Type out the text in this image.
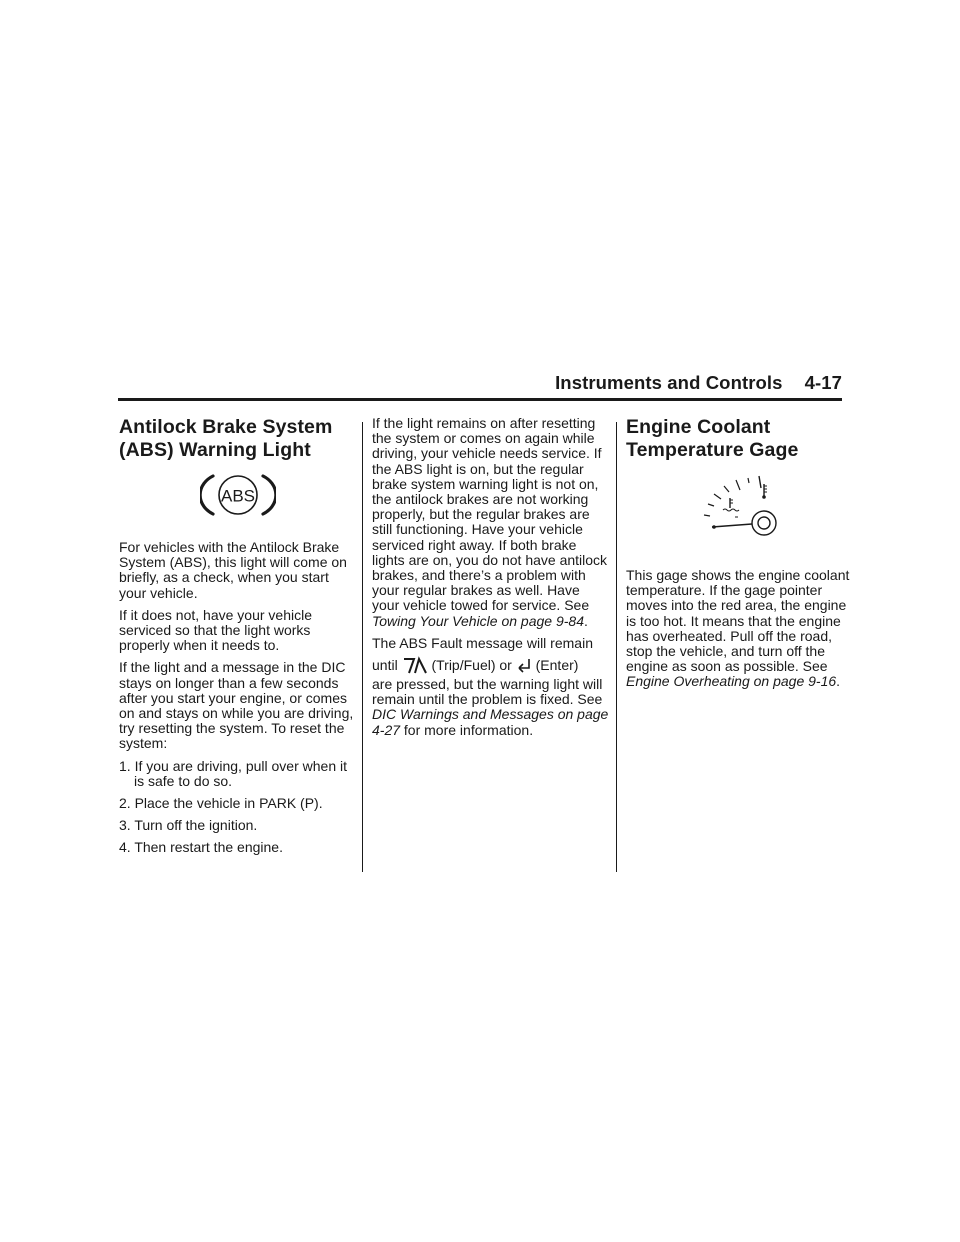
Instruments and Controls 4-17
Antilock Brake System
(ABS) Warning Light
ABS

For vehicles with the Antilock Brake System (ABS), this light will come on briefly, as a check, when you start your vehicle.

If it does not, have your vehicle serviced so that the light works properly when it needs to.

If the light and a message in the DIC stays on longer than a few seconds after you start your engine, or comes on and stays on while you are driving, try resetting the system. To reset the system:

1. If you are driving, pull over when it is safe to do so.
2. Place the vehicle in PARK (P).
3. Turn off the ignition.
4. Then restart the engine.

If the light remains on after resetting the system or comes on again while driving, your vehicle needs service. If the ABS light is on, but the regular brake system warning light is not on, the antilock brakes are not working properly, but the regular brakes are still functioning. Have your vehicle serviced right away. If both brake lights are on, you do not have antilock brakes, and there’s a problem with your regular brakes as well. Have your vehicle towed for service. See Towing Your Vehicle on page 9-84.

The ABS Fault message will remain

until (Trip/Fuel) or (Enter)

are pressed, but the warning light will remain until the problem is fixed. See DIC Warnings and Messages on page 4-27 for more information.

Engine Coolant
Temperature Gage

This gage shows the engine coolant temperature. If the gage pointer moves into the red area, the engine is too hot. It means that the engine has overheated. Pull off the road, stop the vehicle, and turn off the engine as soon as possible. See Engine Overheating on page 9-16.
